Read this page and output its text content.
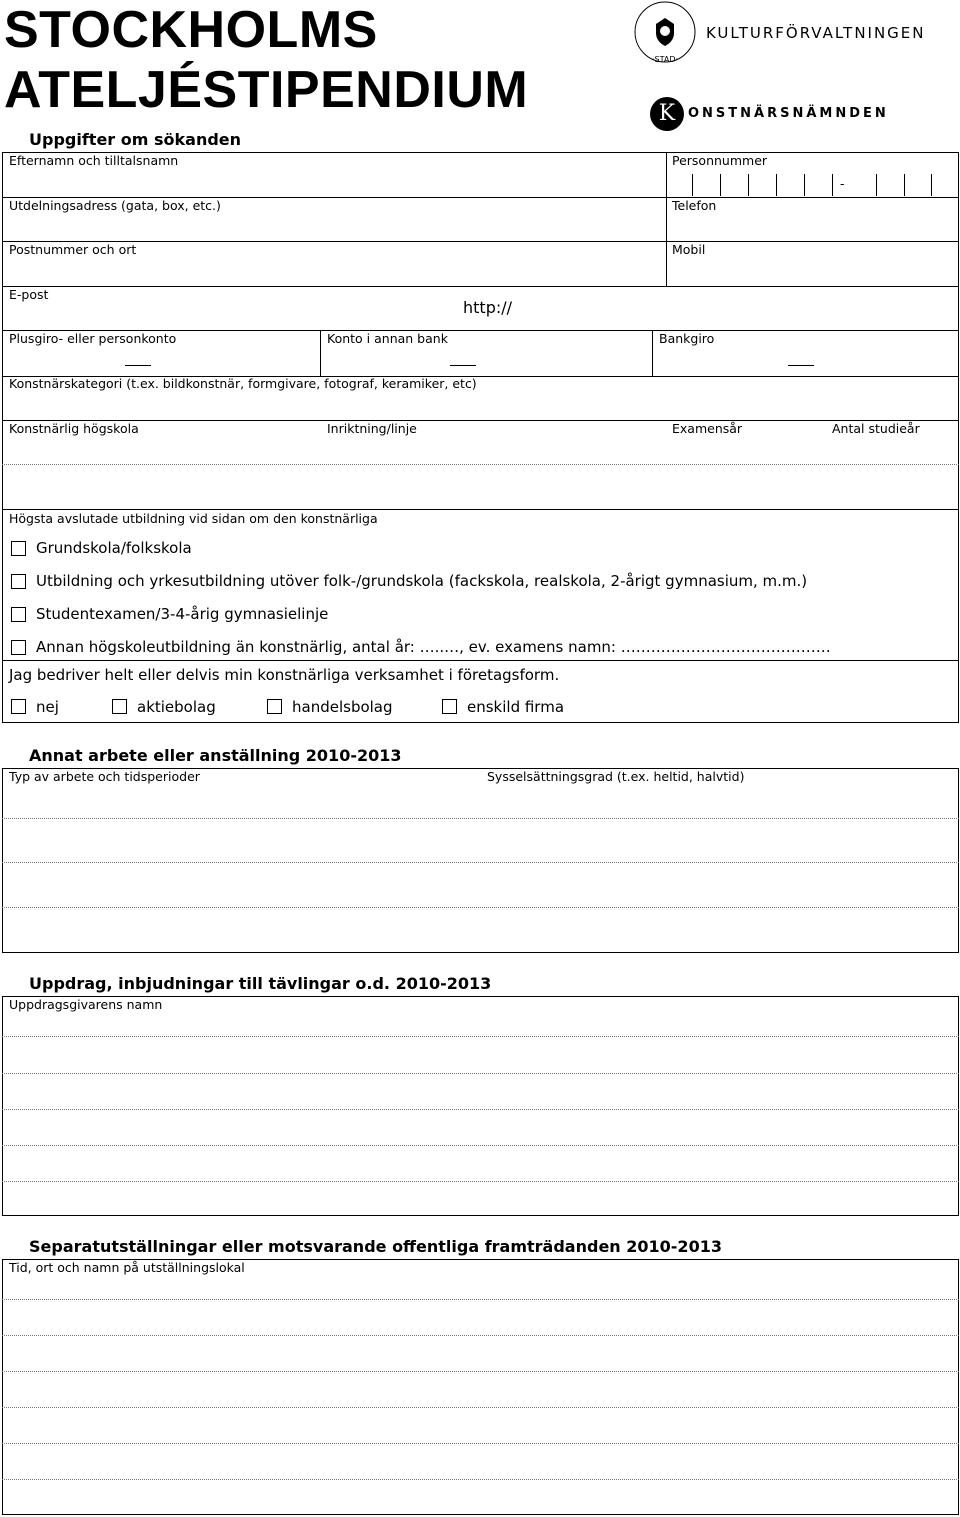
STOCKHOLMS
ATELJÉSTIPENDIUM
·STAD·
KULTURFÖRVALTNINGEN
K ONSTNÄRSNÄMNDEN
Uppgifter om sökanden
Efternamn och tilltalsnamn	Personnummer
-
Utdelningsadress (gata, box, etc.)	Telefon
Postnummer och ort	Mobil
E-post
http://
Plusgiro- eller personkonto	Konto i annan bank	Bankgiro
Konstnärskategori (t.ex. bildkonstnär, formgivare, fotograf, keramiker, etc)
Konstnärlig högskola	Inriktning/linje	Examensår	Antal studieår
Högsta avslutade utbildning vid sidan om den konstnärliga
Grundskola/folkskola
Utbildning och yrkesutbildning utöver folk-/grundskola (fackskola, realskola, 2-årigt gymnasium, m.m.)
Studentexamen/3-4-årig gymnasielinje
Annan högskoleutbildning än konstnärlig, antal år: …..…, ev. examens namn: ……………………………………
Jag bedriver helt eller delvis min konstnärliga verksamhet i företagsform.
nej	aktiebolag	handelsbolag	enskild firma
Annat arbete eller anställning 2010-2013
Typ av arbete och tidsperioder	Sysselsättningsgrad (t.ex. heltid, halvtid)
Uppdrag, inbjudningar till tävlingar o.d. 2010-2013
Uppdragsgivarens namn
Separatutställningar eller motsvarande offentliga framträdanden 2010-2013
Tid, ort och namn på utställningslokal
